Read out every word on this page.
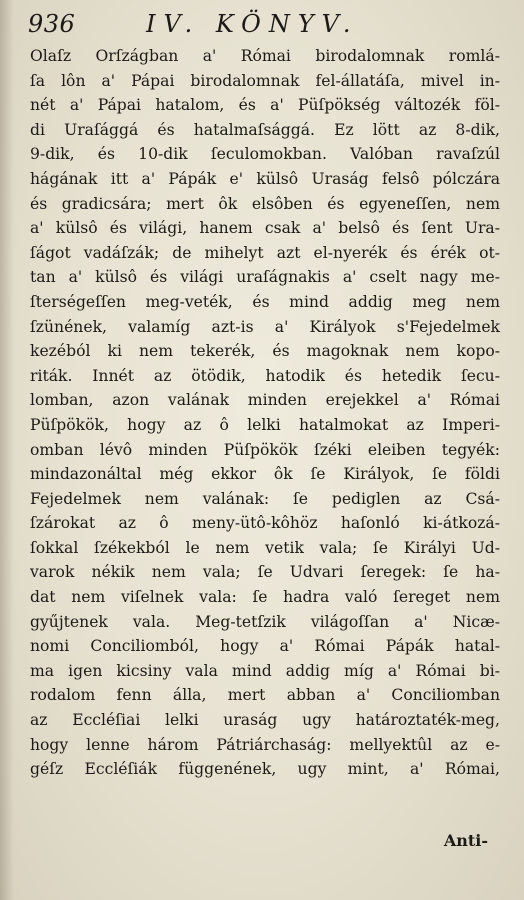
936	IV. KÖNYV.
Olaſz Orſzágban a' Római birodalomnak romlá-
ſa lôn a' Pápai birodalomnak fel-állatáſa, mivel in-
nét a' Pápai hatalom, és a' Püſpökség változék föl-
di Uraſággá és hatalmaſsággá. Ez lött az 8-dik,
9-dik, és 10-dik ſeculomokban. Valóban ravaſzúl
hágának itt a' Pápák e' külsô Uraság felsô pólczára
és gradicsára; mert ôk elsôben és egyeneſſen, nem
a' külsô és világi, hanem csak a' belsô és ſent Ura-
ſágot vadáſzák; de mihelyt azt el-nyerék és érék ot-
tan a' külsô és világi uraſágnakis a' cselt nagy me-
ſterségeſſen meg-veték, és mind addig meg nem
ſzünének, valamíg azt-is a' Királyok s'Fejedelmek
kezéból ki nem tekerék, és magoknak nem kopo-
riták. Innét az ötödik, hatodik és hetedik ſecu-
lomban, azon valának minden erejekkel a' Római
Püſpökök, hogy az ô lelki hatalmokat az Imperi-
omban lévô minden Püſpökök ſzéki eleiben tegyék:
mindazonáltal még ekkor ôk ſe Királyok, ſe földi
Fejedelmek nem valának: ſe pediglen az Csá-
ſzárokat az ô meny-ütô-kôhöz haſonló ki-átkozá-
ſokkal ſzékekból le nem vetik vala; ſe Királyi Ud-
varok nékik nem vala; ſe Udvari ſeregek: ſe ha-
dat nem viſelnek vala: ſe hadra való ſereget nem
gyűjtenek vala. Meg-tetſzik világoſſan a' Nicæ-
nomi Conciliomból, hogy a' Római Pápák hatal-
ma igen kicsiny vala mind addig míg a' Római bi-
rodalom fenn álla, mert abban a' Conciliomban
az Eccléſiai lelki uraság ugy határoztaték-meg,
hogy lenne három Pátriárchaság: mellyektûl az e-
géſz Eccléſiák függenének, ugy mint, a' Római,
Anti-
